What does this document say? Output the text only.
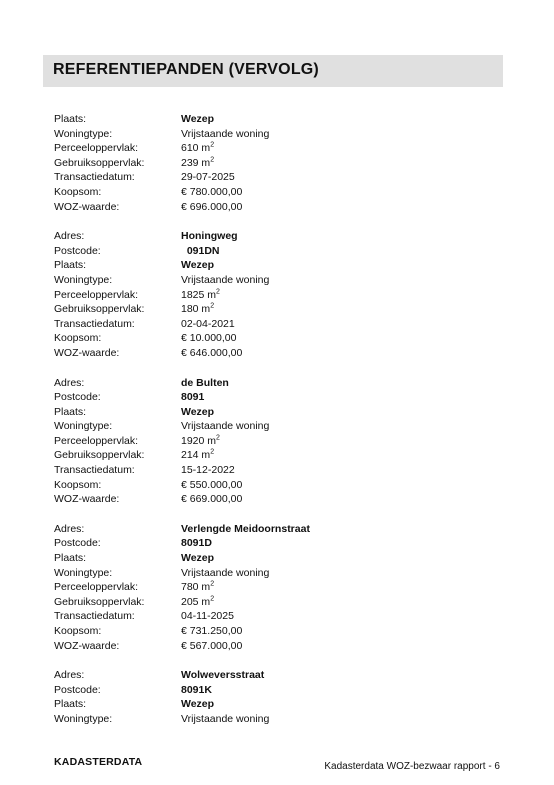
REFERENTIEPANDEN (VERVOLG)
Plaats:	Wezep
Woningtype:	Vrijstaande woning
Perceeloppervlak:	610 $m^2$
Gebruiksoppervlak:	239 $m^2$
Transactiedatum:	29-07-2025
Koopsom:	€ 780.000,00
WOZ-waarde:	€ 696.000,00
Adres:	Honingweg
Postcode:	091DN
Plaats:	Wezep
Woningtype:	Vrijstaande woning
Perceeloppervlak:	1825 $m^2$
Gebruiksoppervlak:	180 $m^2$
Transactiedatum:	02-04-2021
Koopsom:	€ 10.000,00
WOZ-waarde:	€ 646.000,00
Adres:	de Bulten
Postcode:	8091
Plaats:	Wezep
Woningtype:	Vrijstaande woning
Perceeloppervlak:	1920 $m^2$
Gebruiksoppervlak:	214 $m^2$
Transactiedatum:	15-12-2022
Koopsom:	€ 550.000,00
WOZ-waarde:	€ 669.000,00
Adres:	Verlengde Meidoornstraat
Postcode:	8091D
Plaats:	Wezep
Woningtype:	Vrijstaande woning
Perceeloppervlak:	780 $m^2$
Gebruiksoppervlak:	205 $m^2$
Transactiedatum:	04-11-2025
Koopsom:	€ 731.250,00
WOZ-waarde:	€ 567.000,00
Adres:	Wolweversstraat
Postcode:	8091K
Plaats:	Wezep
Woningtype:	Vrijstaande woning
KADASTERDATA	Kadasterdata WOZ-bezwaar rapport - 6
